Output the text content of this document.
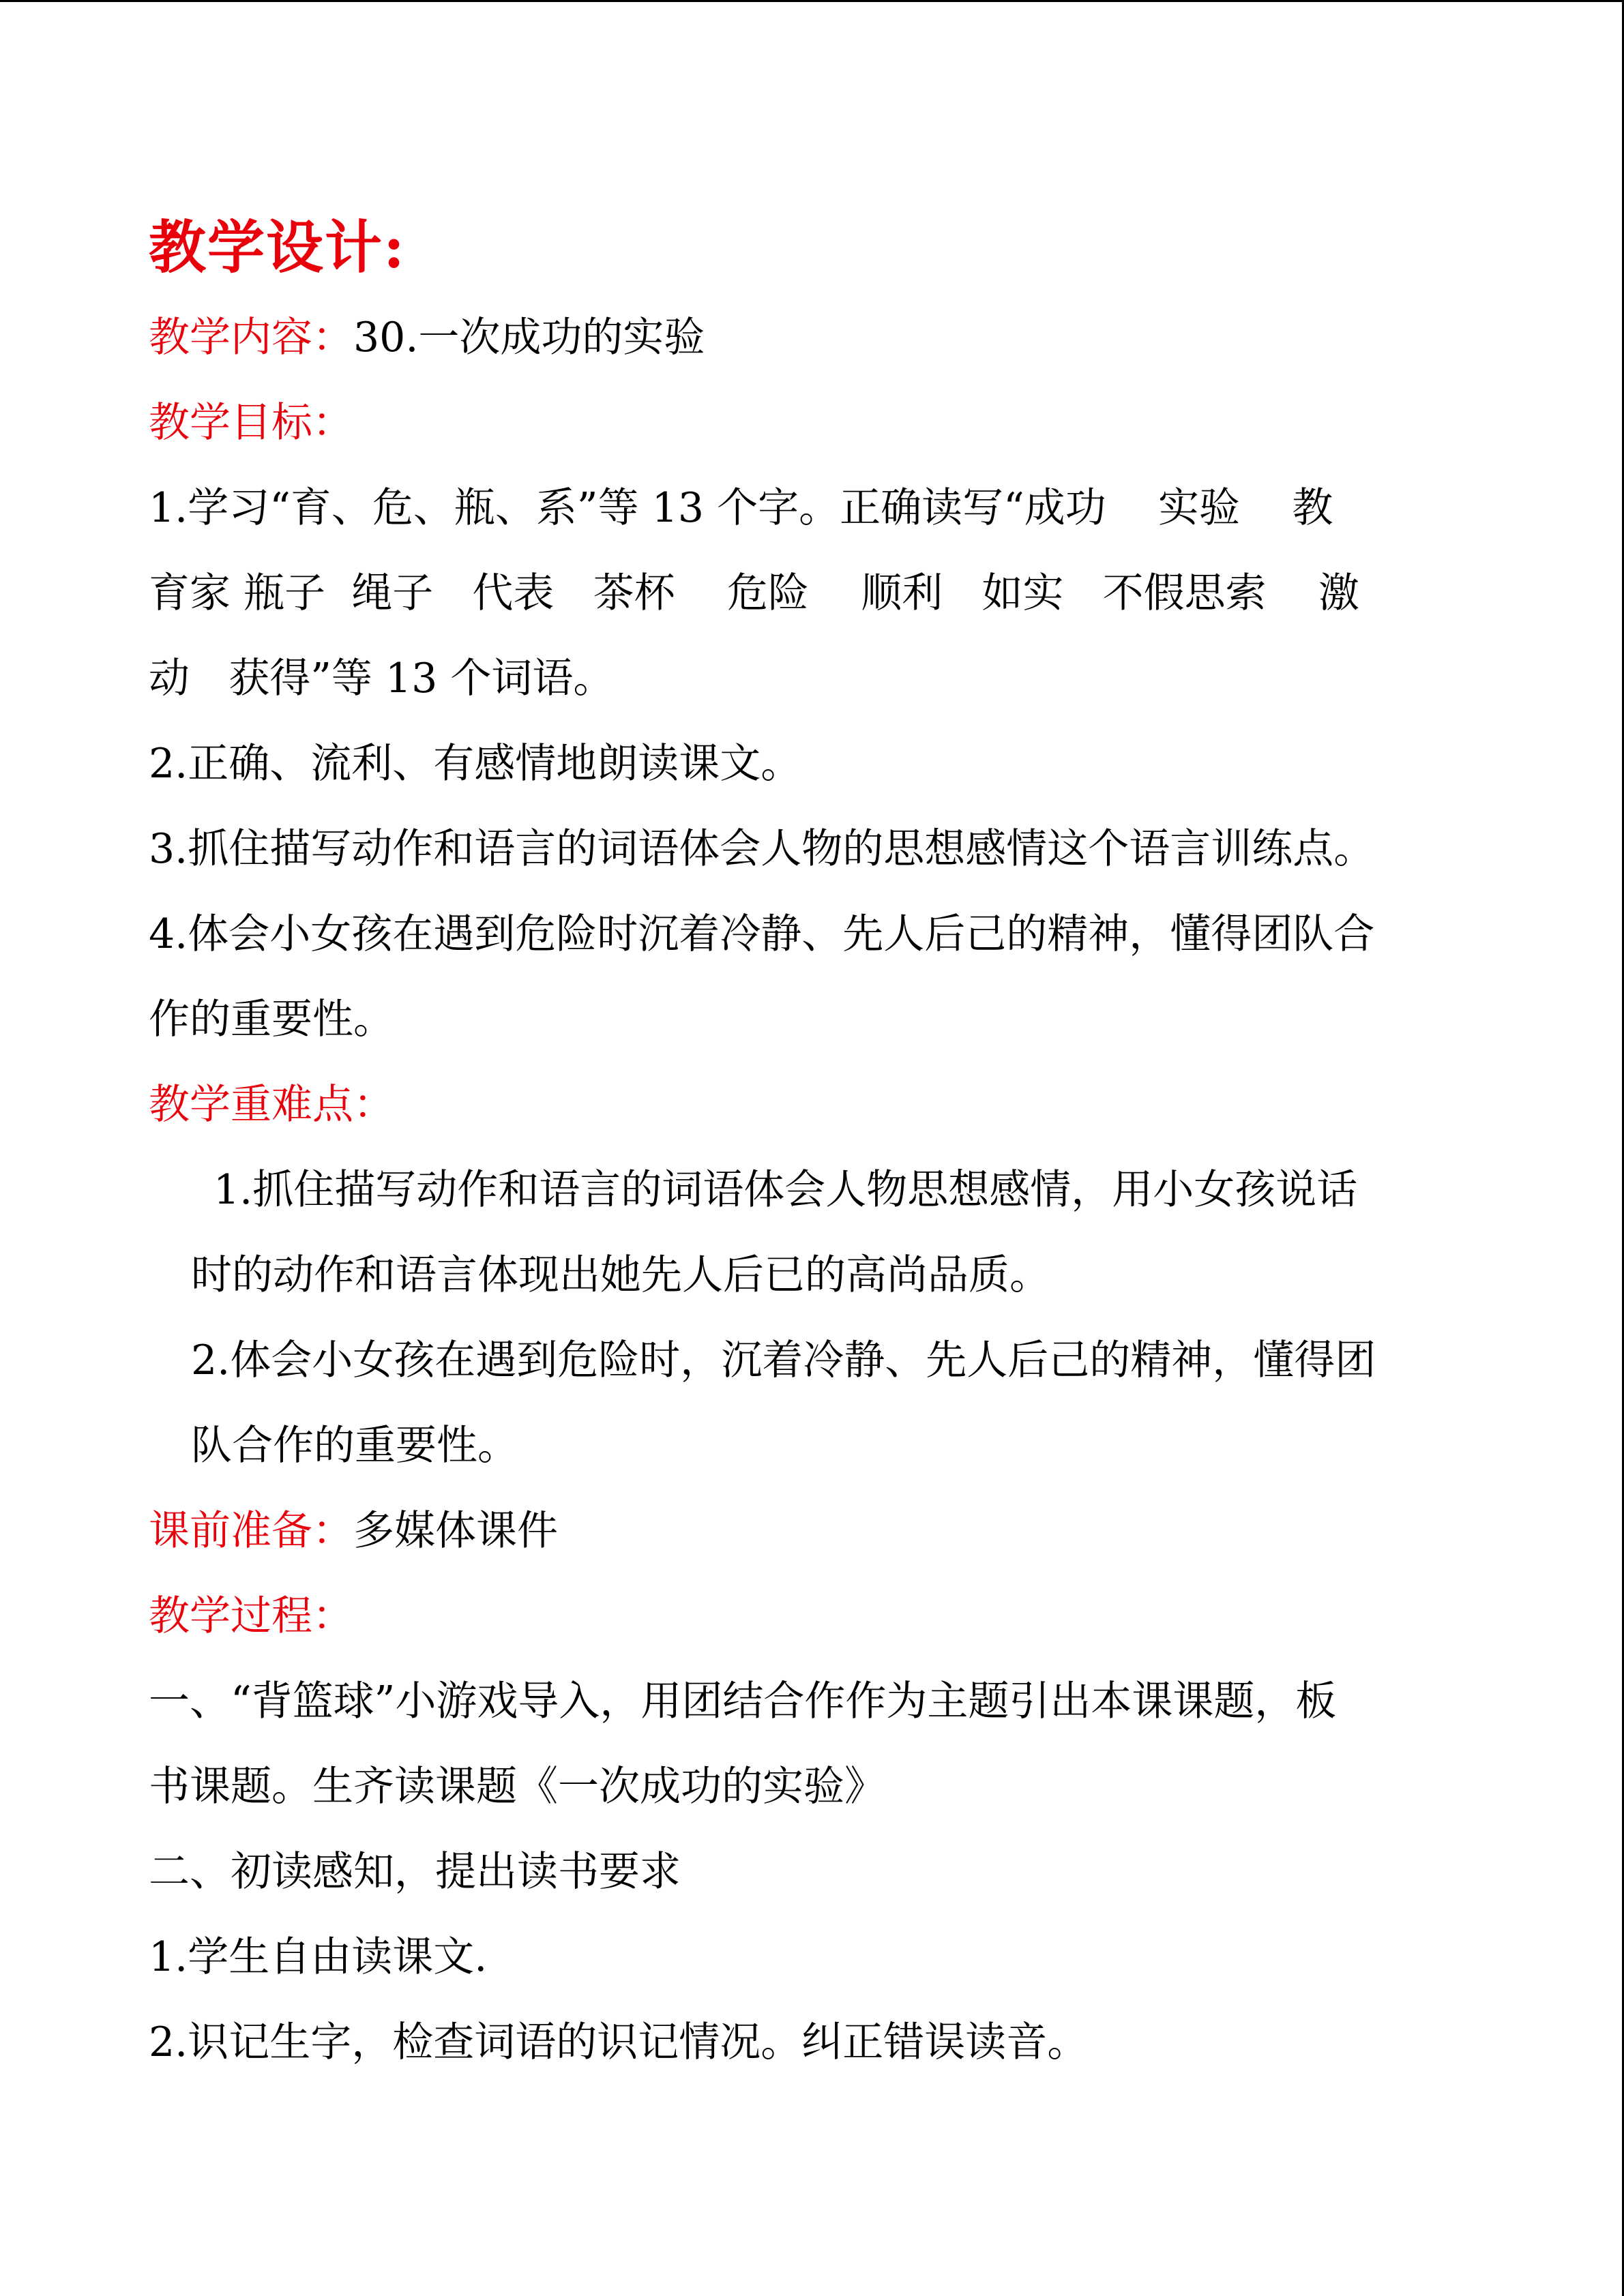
教学设计:

教学内容：30.一次成功的实验

教学目标：

1.学习“育、危、瓶、系”等 13 个字。正确读写“成功    实验    教

育家 瓶子  绳子   代表   茶杯    危险    顺利   如实   不假思索    激

动   获得”等 13 个词语。

2.正确、流利、有感情地朗读课文。

3.抓住描写动作和语言的词语体会人物的思想感情这个语言训练点。

4.体会小女孩在遇到危险时沉着冷静、先人后己的精神，懂得团队合

作的重要性。

教学重难点：

1.抓住描写动作和语言的词语体会人物思想感情，用小女孩说话

时的动作和语言体现出她先人后已的高尚品质。

2.体会小女孩在遇到危险时，沉着冷静、先人后己的精神，懂得团

队合作的重要性。

课前准备：多媒体课件

教学过程：

一、“背篮球”小游戏导入，用团结合作作为主题引出本课课题，板

书课题。生齐读课题《一次成功的实验》

二、初读感知，提出读书要求

1.学生自由读课文.

2.识记生字，检查词语的识记情况。纠正错误读音。
